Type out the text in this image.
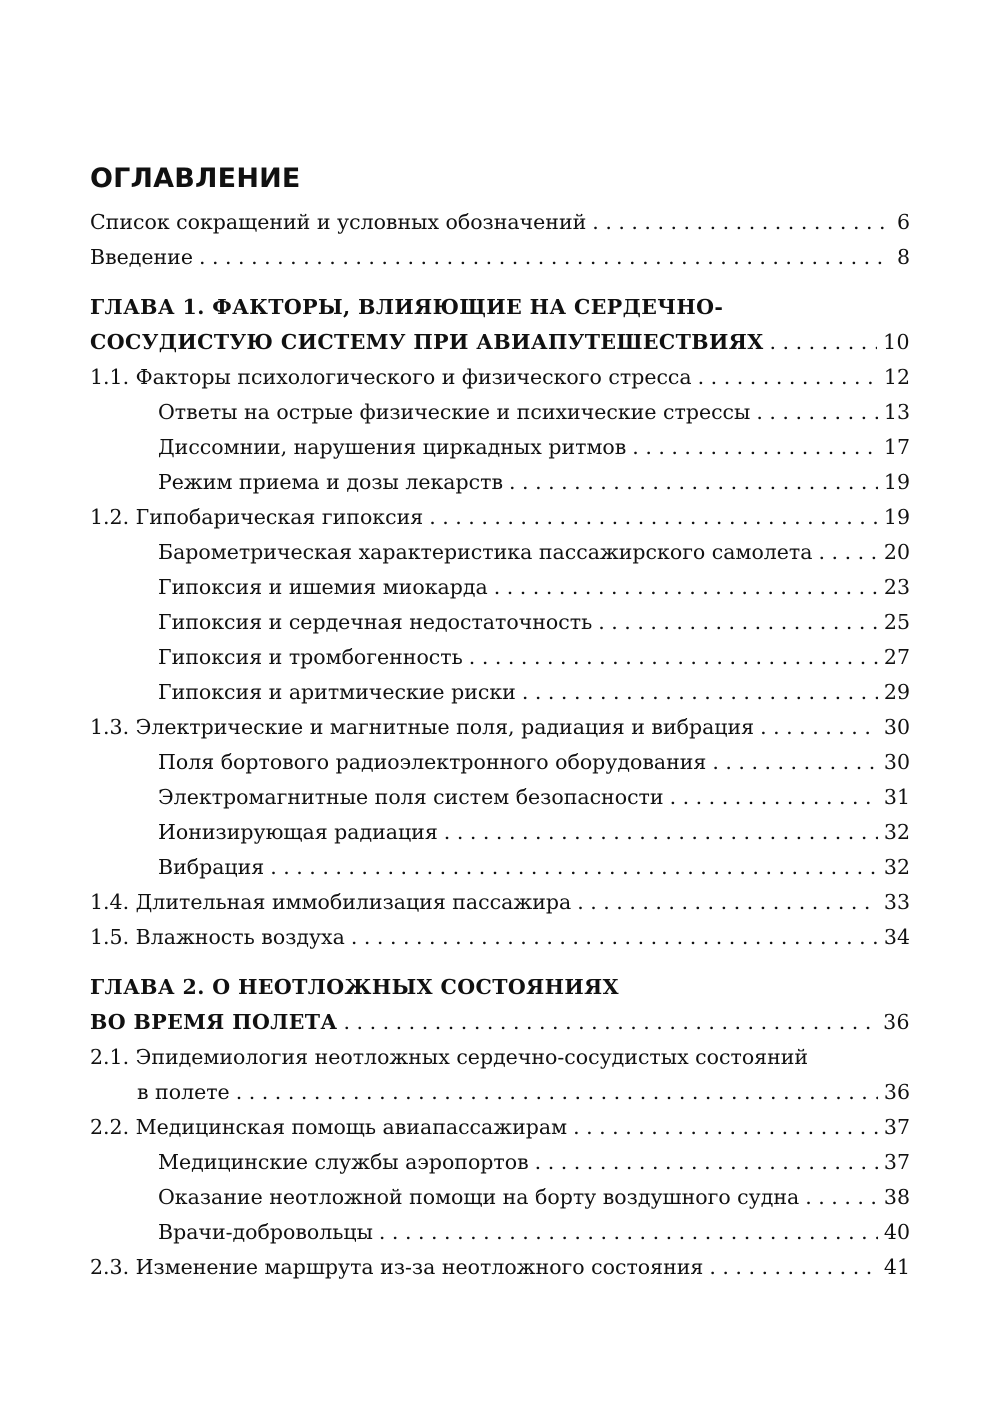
ОГЛАВЛЕНИЕ
Список сокращений и условных обозначений . . .	6
Введение . . .	8
ГЛАВА 1. ФАКТОРЫ, ВЛИЯЮЩИЕ НА СЕРДЕЧНО-
СОСУДИСТУЮ СИСТЕМУ ПРИ АВИАПУТЕШЕСТВИЯХ . . .	10
1.1. Факторы психологического и физического стресса . . .	12
Ответы на острые физические и психические стрессы . . .	13
Диссомнии, нарушения циркадных ритмов . . .	17
Режим приема и дозы лекарств . . .	19
1.2. Гипобарическая гипоксия . . .	19
Барометрическая характеристика пассажирского самолета . . .	20
Гипоксия и ишемия миокарда . . .	23
Гипоксия и сердечная недостаточность . . .	25
Гипоксия и тромбогенность . . .	27
Гипоксия и аритмические риски . . .	29
1.3. Электрические и магнитные поля, радиация и вибрация . . .	30
Поля бортового радиоэлектронного оборудования . . .	30
Электромагнитные поля систем безопасности . . .	31
Ионизирующая радиация . . .	32
Вибрация . . .	32
1.4. Длительная иммобилизация пассажира . . .	33
1.5. Влажность воздуха . . .	34
ГЛАВА 2. О НЕОТЛОЖНЫХ СОСТОЯНИЯХ
ВО ВРЕМЯ ПОЛЕТА . . .	36
2.1. Эпидемиология неотложных сердечно-сосудистых состояний
в полете . . .	36
2.2. Медицинская помощь авиапассажирам . . .	37
Медицинские службы аэропортов . . .	37
Оказание неотложной помощи на борту воздушного судна . . .	38
Врачи-добровольцы . . .	40
2.3. Изменение маршрута из-за неотложного состояния . . .	41
